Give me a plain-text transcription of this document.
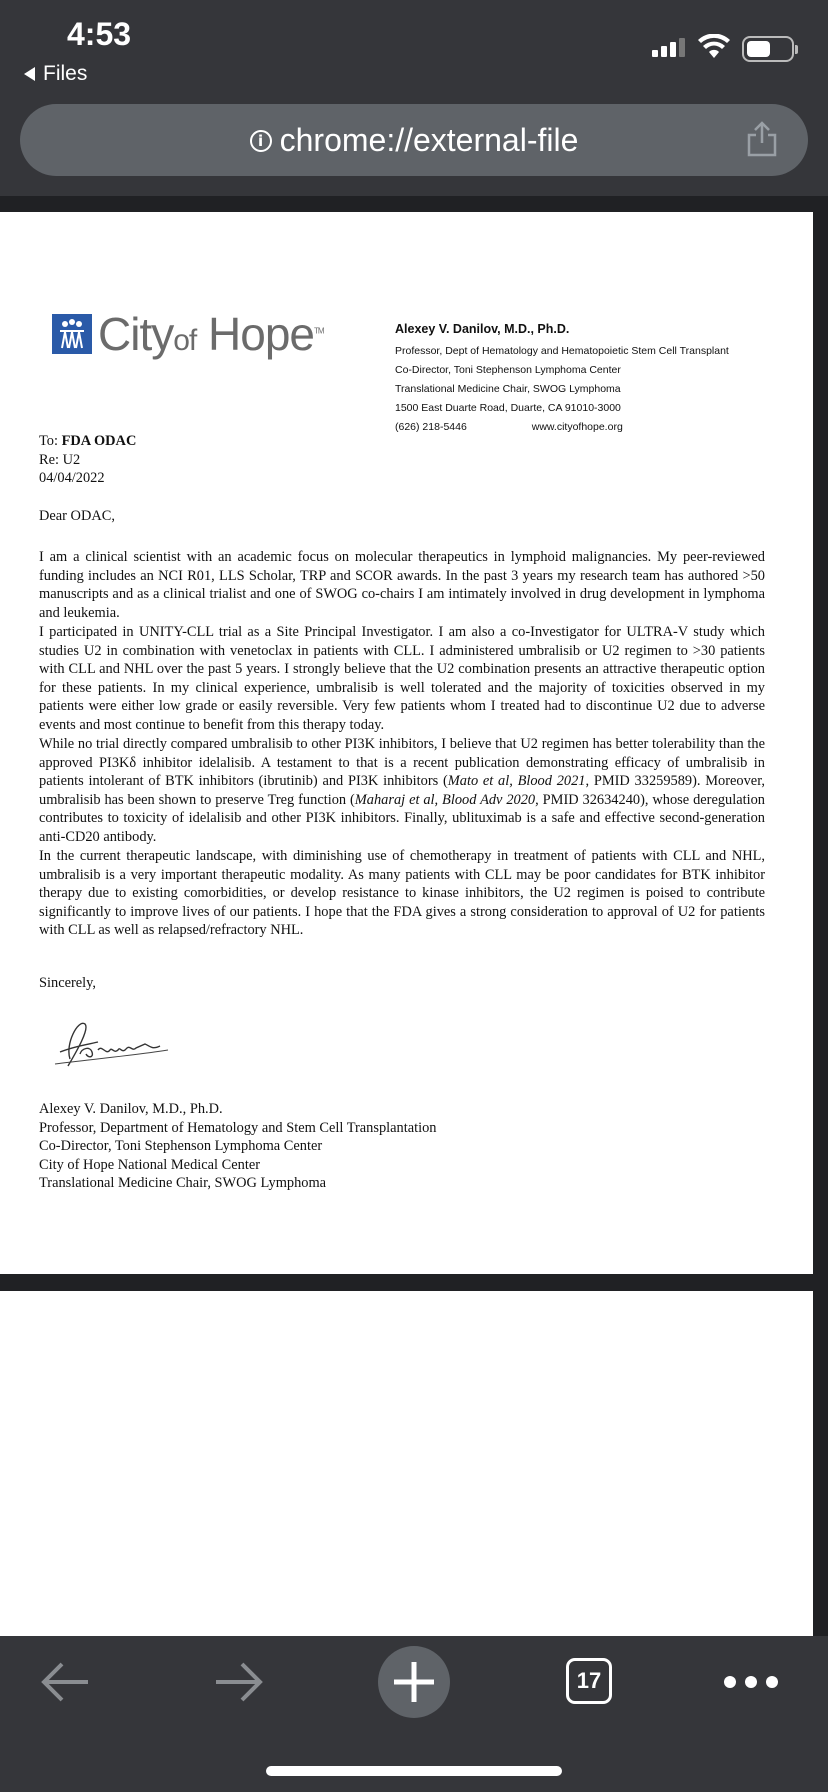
4:53
Files
i chrome://external-file
Cityof Hope™	Alexey V. Danilov, M.D., Ph.D.
Professor, Dept of Hematology and Hematopoietic Stem Cell Transplant
Co-Director, Toni Stephenson Lymphoma Center
Translational Medicine Chair, SWOG Lymphoma
1500 East Duarte Road, Duarte, CA 91010-3000
(626) 218-5446	www.cityofhope.org
To: FDA ODAC
Re: U2
04/04/2022
Dear ODAC,

I am a clinical scientist with an academic focus on molecular therapeutics in lymphoid malignancies. My peer-reviewed funding includes an NCI R01, LLS Scholar, TRP and SCOR awards. In the past 3 years my research team has authored >50 manuscripts and as a clinical trialist and one of SWOG co-chairs I am intimately involved in drug development in lymphoma and leukemia.

I participated in UNITY-CLL trial as a Site Principal Investigator. I am also a co-Investigator for ULTRA-V study which studies U2 in combination with venetoclax in patients with CLL. I administered umbralisib or U2 regimen to >30 patients with CLL and NHL over the past 5 years. I strongly believe that the U2 combination presents an attractive therapeutic option for these patients. In my clinical experience, umbralisib is well tolerated and the majority of toxicities observed in my patients were either low grade or easily reversible. Very few patients whom I treated had to discontinue U2 due to adverse events and most continue to benefit from this therapy today.

While no trial directly compared umbralisib to other PI3K inhibitors, I believe that U2 regimen has better tolerability than the approved PI3Kδ inhibitor idelalisib. A testament to that is a recent publication demonstrating efficacy of umbralisib in patients intolerant of BTK inhibitors (ibrutinib) and PI3K inhibitors (Mato et al, Blood 2021, PMID 33259589). Moreover, umbralisib has been shown to preserve Treg function (Maharaj et al, Blood Adv 2020, PMID 32634240), whose deregulation contributes to toxicity of idelalisib and other PI3K inhibitors. Finally, ublituximab is a safe and effective second-generation anti-CD20 antibody.

In the current therapeutic landscape, with diminishing use of chemotherapy in treatment of patients with CLL and NHL, umbralisib is a very important therapeutic modality. As many patients with CLL may be poor candidates for BTK inhibitor therapy due to existing comorbidities, or develop resistance to kinase inhibitors, the U2 regimen is poised to contribute significantly to improve lives of our patients. I hope that the FDA gives a strong consideration to approval of U2 for patients with CLL as well as relapsed/refractory NHL.

Sincerely,
Alexey V. Danilov, M.D., Ph.D.
Professor, Department of Hematology and Stem Cell Transplantation
Co-Director, Toni Stephenson Lymphoma Center
City of Hope National Medical Center
Translational Medicine Chair, SWOG Lymphoma
17
